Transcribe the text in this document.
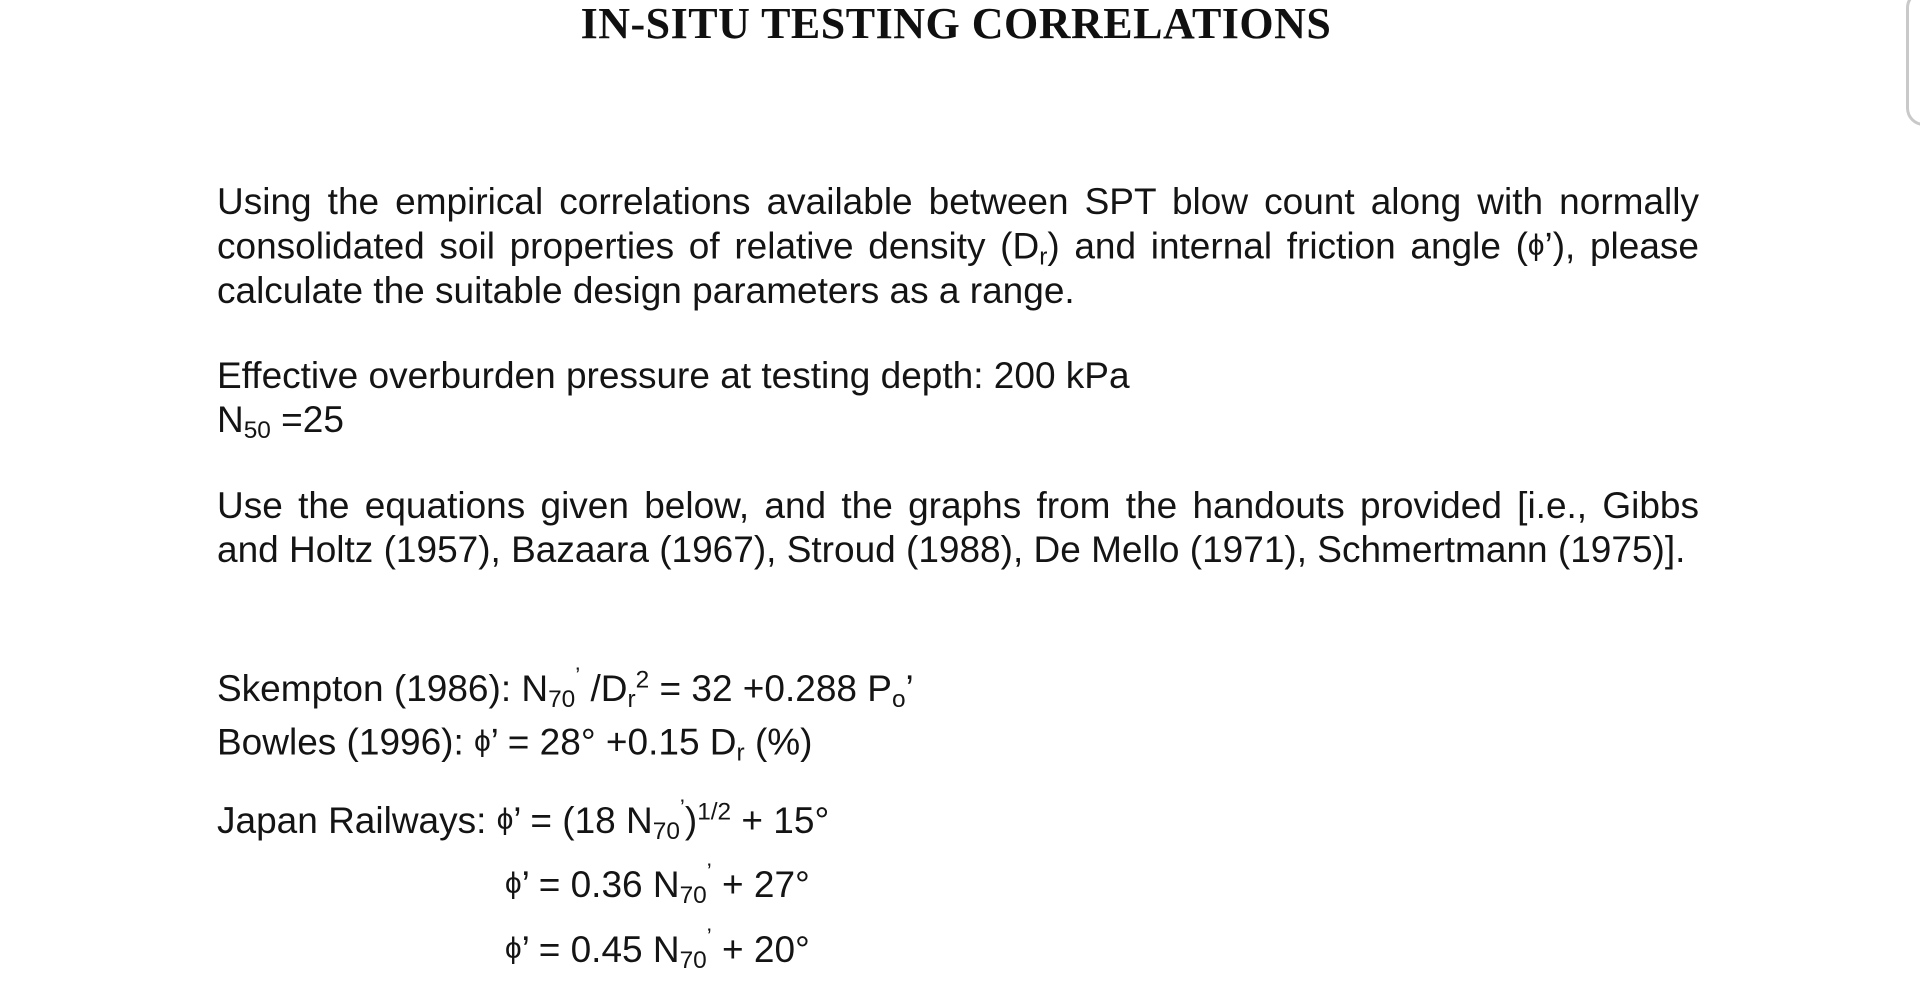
IN-SITU TESTING CORRELATIONS
Using the empirical correlations available between SPT blow count along with normally consolidated soil properties of relative density $(D_r)$ and internal friction angle (ϕ’), please calculate the suitable design parameters as a range.
Effective overburden pressure at testing depth: 200 kPa
$N_{50} =25$
Use the equations given below, and the graphs from the handouts provided [i.e., Gibbs and Holtz (1957), Bazaara (1967), Stroud (1988), De Mello (1971), Schmertmann (1975)].
Skempton (1986): $N_{70}^’$ $/D_r^2 = 32 +0.288$ $P_o$’
Bowles (1996): ϕ’ = 28° +0.15 $D_r$ (%)
Japan Railways: ϕ’ = (18 $N_{70}^’)^{1/2} + 15^\circ$
ϕ’ = 0.36 $N_{70}^’ + 27^\circ$
ϕ’ = 0.45 $N_{70}^’ + 20^\circ$
